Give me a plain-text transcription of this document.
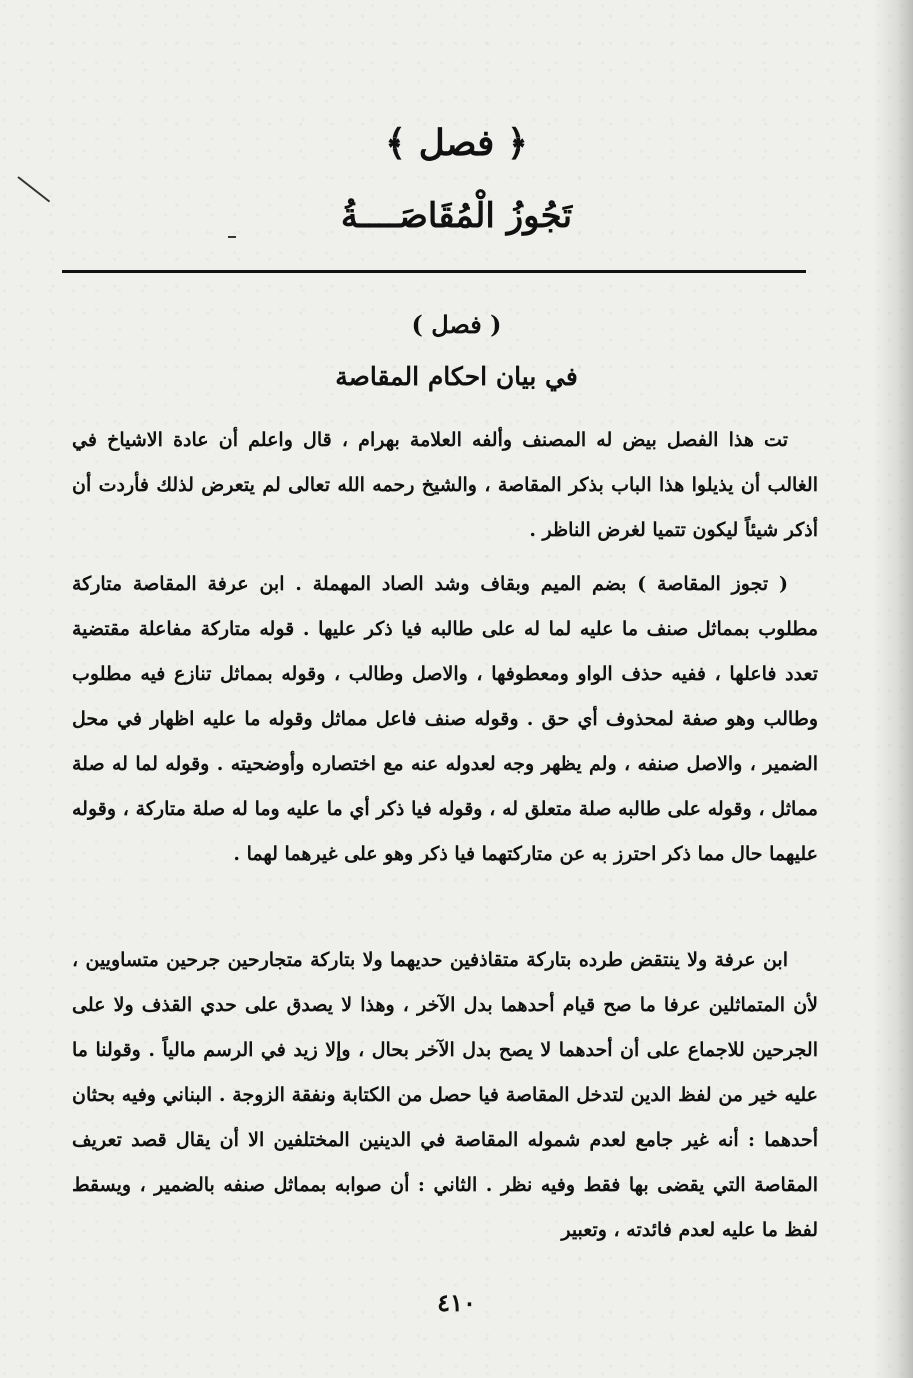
﴿ فصل ﴾
تَجُوزُ الْمُقَاصَــــةُ
( فصل )
في بيان احكام المقاصة

تت هذا الفصل بيض له المصنف وألفه العلامة بهرام ، قال واعلم أن عادة الاشياخ في الغالب أن يذيلوا هذا الباب بذكر المقاصة ، والشيخ رحمه الله تعالى لم يتعرض لذلك فأردت أن أذكر شيئاً ليكون تتميا لغرض الناظر .

( تجوز المقاصة ) بضم الميم وبقاف وشد الصاد المهملة . ابن عرفة المقاصة متاركة مطلوب بمماثل صنف ما عليه لما له على طالبه فيا ذكر عليها . قوله متاركة مفاعلة مقتضية تعدد فاعلها ، ففيه حذف الواو ومعطوفها ، والاصل وطالب ، وقوله بمماثل تنازع فيه مطلوب وطالب وهو صفة لمحذوف أي حق . وقوله صنف فاعل مماثل وقوله ما عليه اظهار في محل الضمير ، والاصل صنفه ، ولم يظهر وجه لعدوله عنه مع اختصاره وأوضحيته . وقوله لما له صلة مماثل ، وقوله على طالبه صلة متعلق له ، وقوله فيا ذكر أي ما عليه وما له صلة متاركة ، وقوله عليهما حال مما ذكر احترز به عن متاركتهما فيا ذكر وهو على غيرهما لهما .

ابن عرفة ولا ينتقض طرده بتاركة متقاذفين حديهما ولا بتاركة متجارحين جرحين متساويين ، لأن المتماثلين عرفا ما صح قيام أحدهما بدل الآخر ، وهذا لا يصدق على حدي القذف ولا على الجرحين للاجماع على أن أحدهما لا يصح بدل الآخر بحال ، وإلا زيد في الرسم مالياً . وقولنا ما عليه خير من لفظ الدين لتدخل المقاصة فيا حصل من الكتابة ونفقة الزوجة . البناني وفيه بحثان أحدهما : أنه غير جامع لعدم شموله المقاصة في الدينين المختلفين الا أن يقال قصد تعريف المقاصة التي يقضى بها فقط وفيه نظر . الثاني : أن صوابه بمماثل صنفه بالضمير ، ويسقط لفظ ما عليه لعدم فائدته ، وتعبير

٤١٠
